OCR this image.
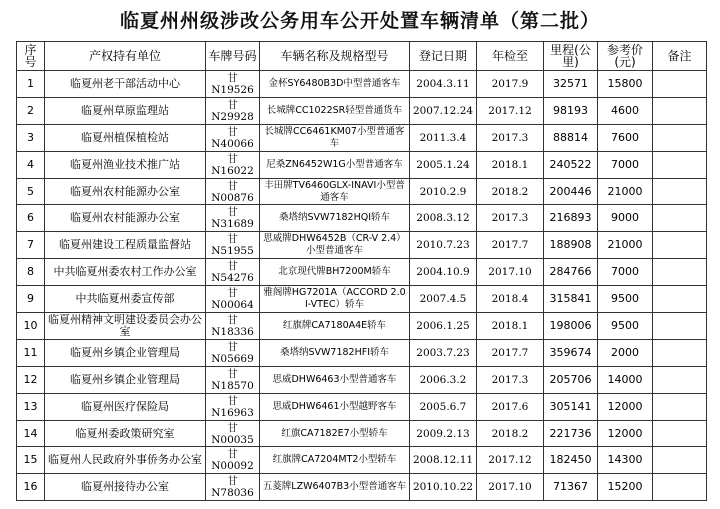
临夏州州级涉改公务用车公开处置车辆清单（第二批）
序号	产权持有单位	车牌号码	车辆名称及规格型号	登记日期	年检至	里程(公里)	参考价(元)	备注
1	临夏州老干部活动中心	甘N19526	金杯SY6480B3D中型普通客车	2004.3.11	2017.9	32571	15800	
2	临夏州草原监理站	甘N29928	长城牌CC1022SR轻型普通货车	2007.12.24	2017.12	98193	4600	
3	临夏州植保植检站	甘N40066	长城牌CC6461KM07小型普通客车	2011.3.4	2017.3	88814	7600	
4	临夏州渔业技术推广站	甘N16022	尼桑ZN6452W1G小型普通客车	2005.1.24	2018.1	240522	7000	
5	临夏州农村能源办公室	甘N00876	丰田牌TV6460GLX-INAVI小型普通客车	2010.2.9	2018.2	200446	21000	
6	临夏州农村能源办公室	甘N31689	桑塔纳SVW7182HQI轿车	2008.3.12	2017.3	216893	9000	
7	临夏州建设工程质量监督站	甘N51955	思威牌DHW6452B（CR-V 2.4）小型普通客车	2010.7.23	2017.7	188908	21000	
8	中共临夏州委农村工作办公室	甘N54276	北京现代牌BH7200M轿车	2004.10.9	2017.10	284766	7000	
9	中共临夏州委宣传部	甘N00064	雅阁牌HG7201A（ACCORD 2.0 I-VTEC）轿车	2007.4.5	2018.4	315841	9500	
10	临夏州精神文明建设委员会办公室	甘N18336	红旗牌CA7180A4E轿车	2006.1.25	2018.1	198006	9500	
11	临夏州乡镇企业管理局	甘N05669	桑塔纳SVW7182HFI轿车	2003.7.23	2017.7	359674	2000	
12	临夏州乡镇企业管理局	甘N18570	思威DHW6463小型普通客车	2006.3.2	2017.3	205706	14000	
13	临夏州医疗保险局	甘N16963	思威DHW6461小型越野客车	2005.6.7	2017.6	305141	12000	
14	临夏州委政策研究室	甘N00035	红旗CA7182E7小型轿车	2009.2.13	2018.2	221736	12000	
15	临夏州人民政府外事侨务办公室	甘N00092	红旗牌CA7204MT2小型轿车	2008.12.11	2017.12	182450	14300	
16	临夏州接待办公室	甘N78036	五菱牌LZW6407B3小型普通客车	2010.10.22	2017.10	71367	15200	
